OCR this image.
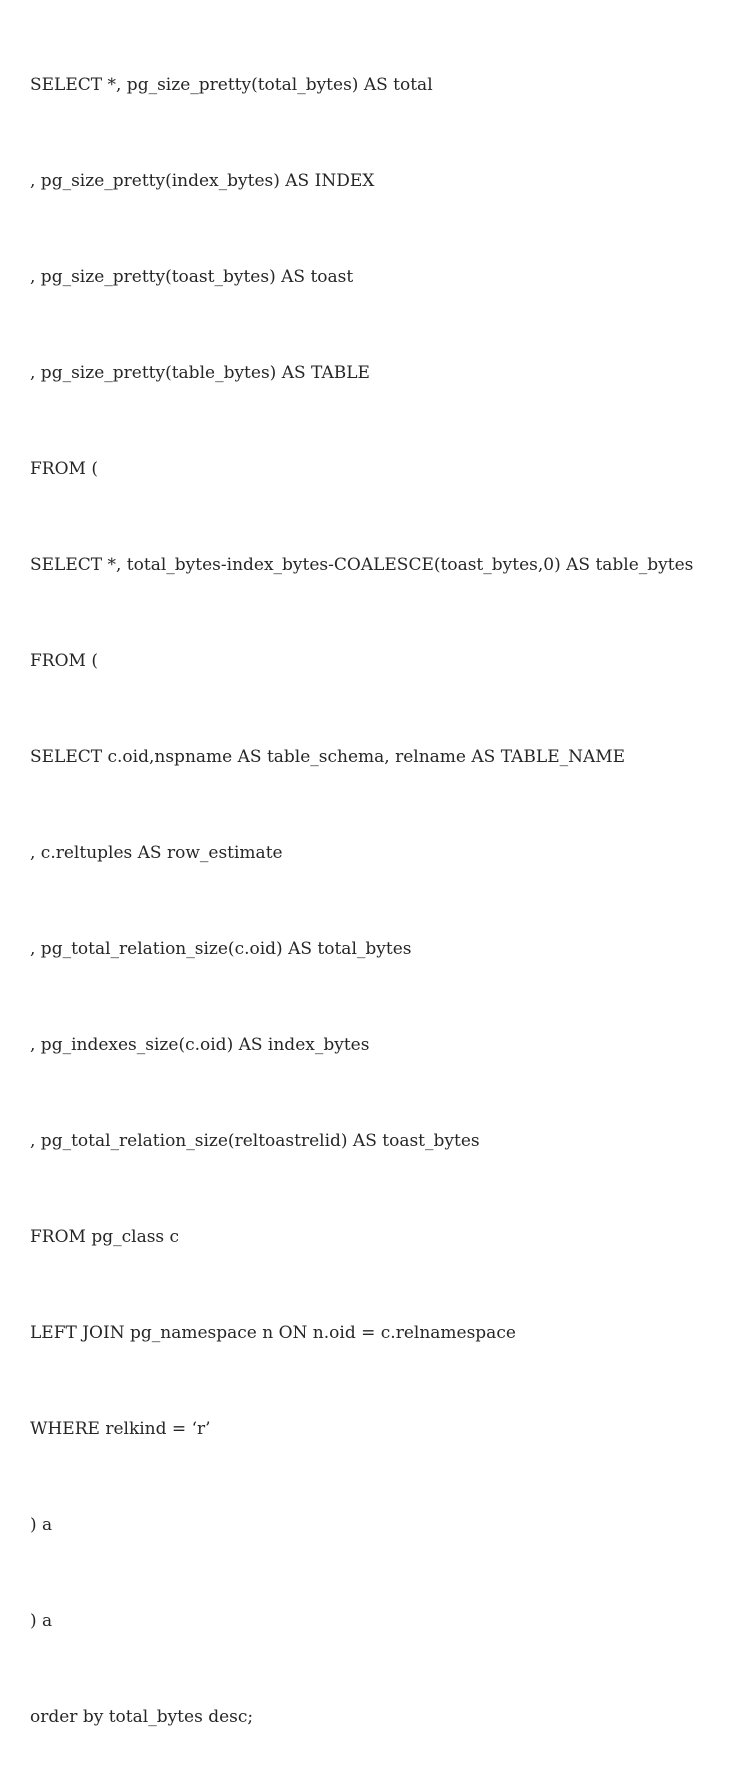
SELECT *, pg_size_pretty(total_bytes) AS total

, pg_size_pretty(index_bytes) AS INDEX

, pg_size_pretty(toast_bytes) AS toast

, pg_size_pretty(table_bytes) AS TABLE

FROM (

SELECT *, total_bytes-index_bytes-COALESCE(toast_bytes,0) AS table_bytes

FROM (

SELECT c.oid,nspname AS table_schema, relname AS TABLE_NAME

, c.reltuples AS row_estimate

, pg_total_relation_size(c.oid) AS total_bytes

, pg_indexes_size(c.oid) AS index_bytes

, pg_total_relation_size(reltoastrelid) AS toast_bytes

FROM pg_class c

LEFT JOIN pg_namespace n ON n.oid = c.relnamespace

WHERE relkind = ‘r’

) a

) a

order by total_bytes desc;
